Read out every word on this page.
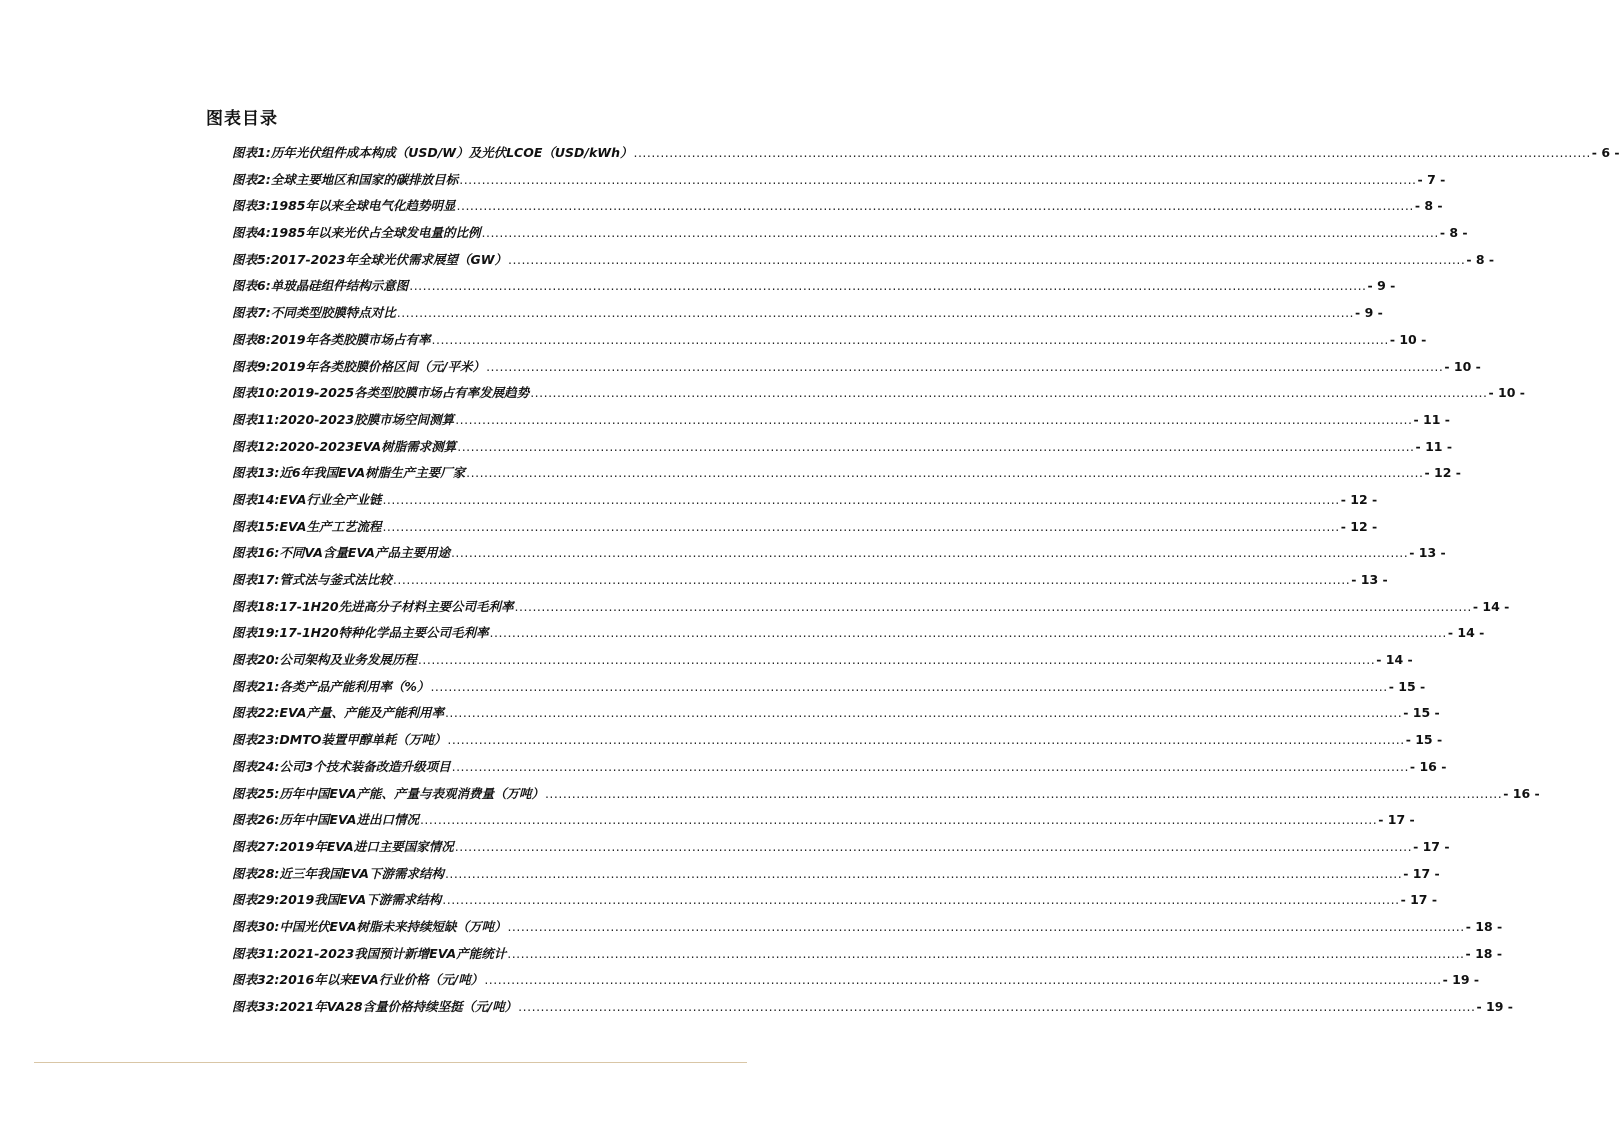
图表目录
图表1: 历年光伏组件成本构成（USD/W）及光伏LCOE（USD/kWh） .....	- 6 -
图表2: 全球主要地区和国家的碳排放目标 .....	- 7 -
图表3: 1985年以来全球电气化趋势明显 .....	- 8 -
图表4: 1985年以来光伏占全球发电量的比例 .....	- 8 -
图表5: 2017-2023年全球光伏需求展望（GW） .....	- 8 -
图表6: 单玻晶硅组件结构示意图 .....	- 9 -
图表7: 不同类型胶膜特点对比 .....	- 9 -
图表8: 2019年各类胶膜市场占有率 .....	- 10 -
图表9: 2019年各类胶膜价格区间（元/平米） .....	- 10 -
图表10: 2019-2025各类型胶膜市场占有率发展趋势 .....	- 10 -
图表11: 2020-2023胶膜市场空间测算 .....	- 11 -
图表12: 2020-2023EVA树脂需求测算 .....	- 11 -
图表13: 近6年我国EVA树脂生产主要厂家 .....	- 12 -
图表14: EVA行业全产业链 .....	- 12 -
图表15: EVA生产工艺流程 .....	- 12 -
图表16: 不同VA含量EVA产品主要用途 .....	- 13 -
图表17: 管式法与釜式法比较 .....	- 13 -
图表18: 17-1H20先进高分子材料主要公司毛利率 .....	- 14 -
图表19: 17-1H20特种化学品主要公司毛利率 .....	- 14 -
图表20: 公司架构及业务发展历程 .....	- 14 -
图表21: 各类产品产能利用率（%） .....	- 15 -
图表22: EVA产量、产能及产能利用率 .....	- 15 -
图表23: DMTO装置甲醇单耗（万吨） .....	- 15 -
图表24: 公司3个技术装备改造升级项目 .....	- 16 -
图表25: 历年中国EVA产能、产量与表观消费量（万吨） .....	- 16 -
图表26: 历年中国EVA进出口情况 .....	- 17 -
图表27: 2019年EVA进口主要国家情况 .....	- 17 -
图表28: 近三年我国EVA下游需求结构 .....	- 17 -
图表29: 2019我国EVA下游需求结构 .....	- 17 -
图表30: 中国光伏EVA树脂未来持续短缺（万吨） .....	- 18 -
图表31: 2021-2023我国预计新增EVA产能统计 .....	- 18 -
图表32: 2016年以来EVA行业价格（元/吨） .....	- 19 -
图表33: 2021年VA28含量价格持续坚挺（元/吨） .....	- 19 -
